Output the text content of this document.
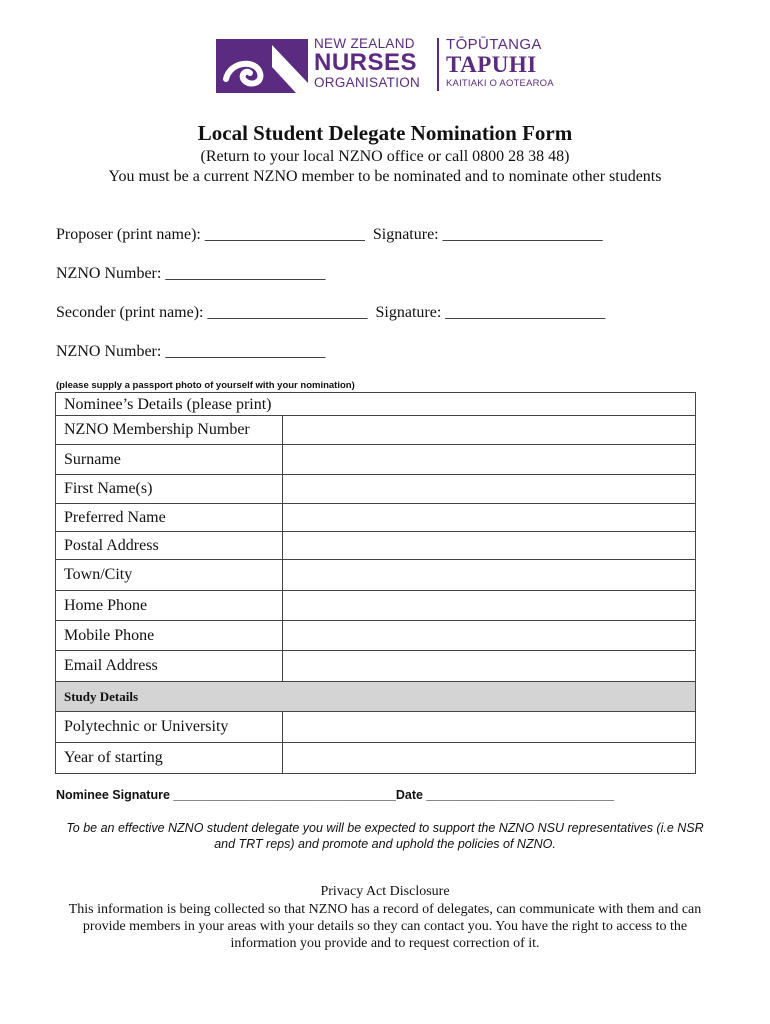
NEW ZEALAND
NURSES
ORGANISATION
TŌPŪTANGA
TAPUHI
KAITIAKI O AOTEAROA
Local Student Delegate Nomination Form
(Return to your local NZNO office or call 0800 28 38 48)
You must be a current NZNO member to be nominated and to nominate other students
Proposer (print name): ____________________  Signature: ____________________
NZNO Number: ____________________
Seconder (print name): ____________________  Signature: ____________________
NZNO Number: ____________________
(please supply a passport photo of yourself with your nomination)
Nominee’s Details (please print)	
NZNO Membership Number	
Surname	
First Name(s)	
Preferred Name	
Postal Address	
Town/City	
Home Phone	
Mobile Phone	
Email Address	
Study Details	
Polytechnic or University	
Year of starting	
Nominee Signature ________________________________Date ___________________________
To be an effective NZNO student delegate you will be expected to support the NZNO NSU representatives (i.e NSR and TRT reps) and promote and uphold the policies of NZNO.
Privacy Act Disclosure
This information is being collected so that NZNO has a record of delegates, can communicate with them and can provide members in your areas with your details so they can contact you. You have the right to access to the information you provide and to request correction of it.
